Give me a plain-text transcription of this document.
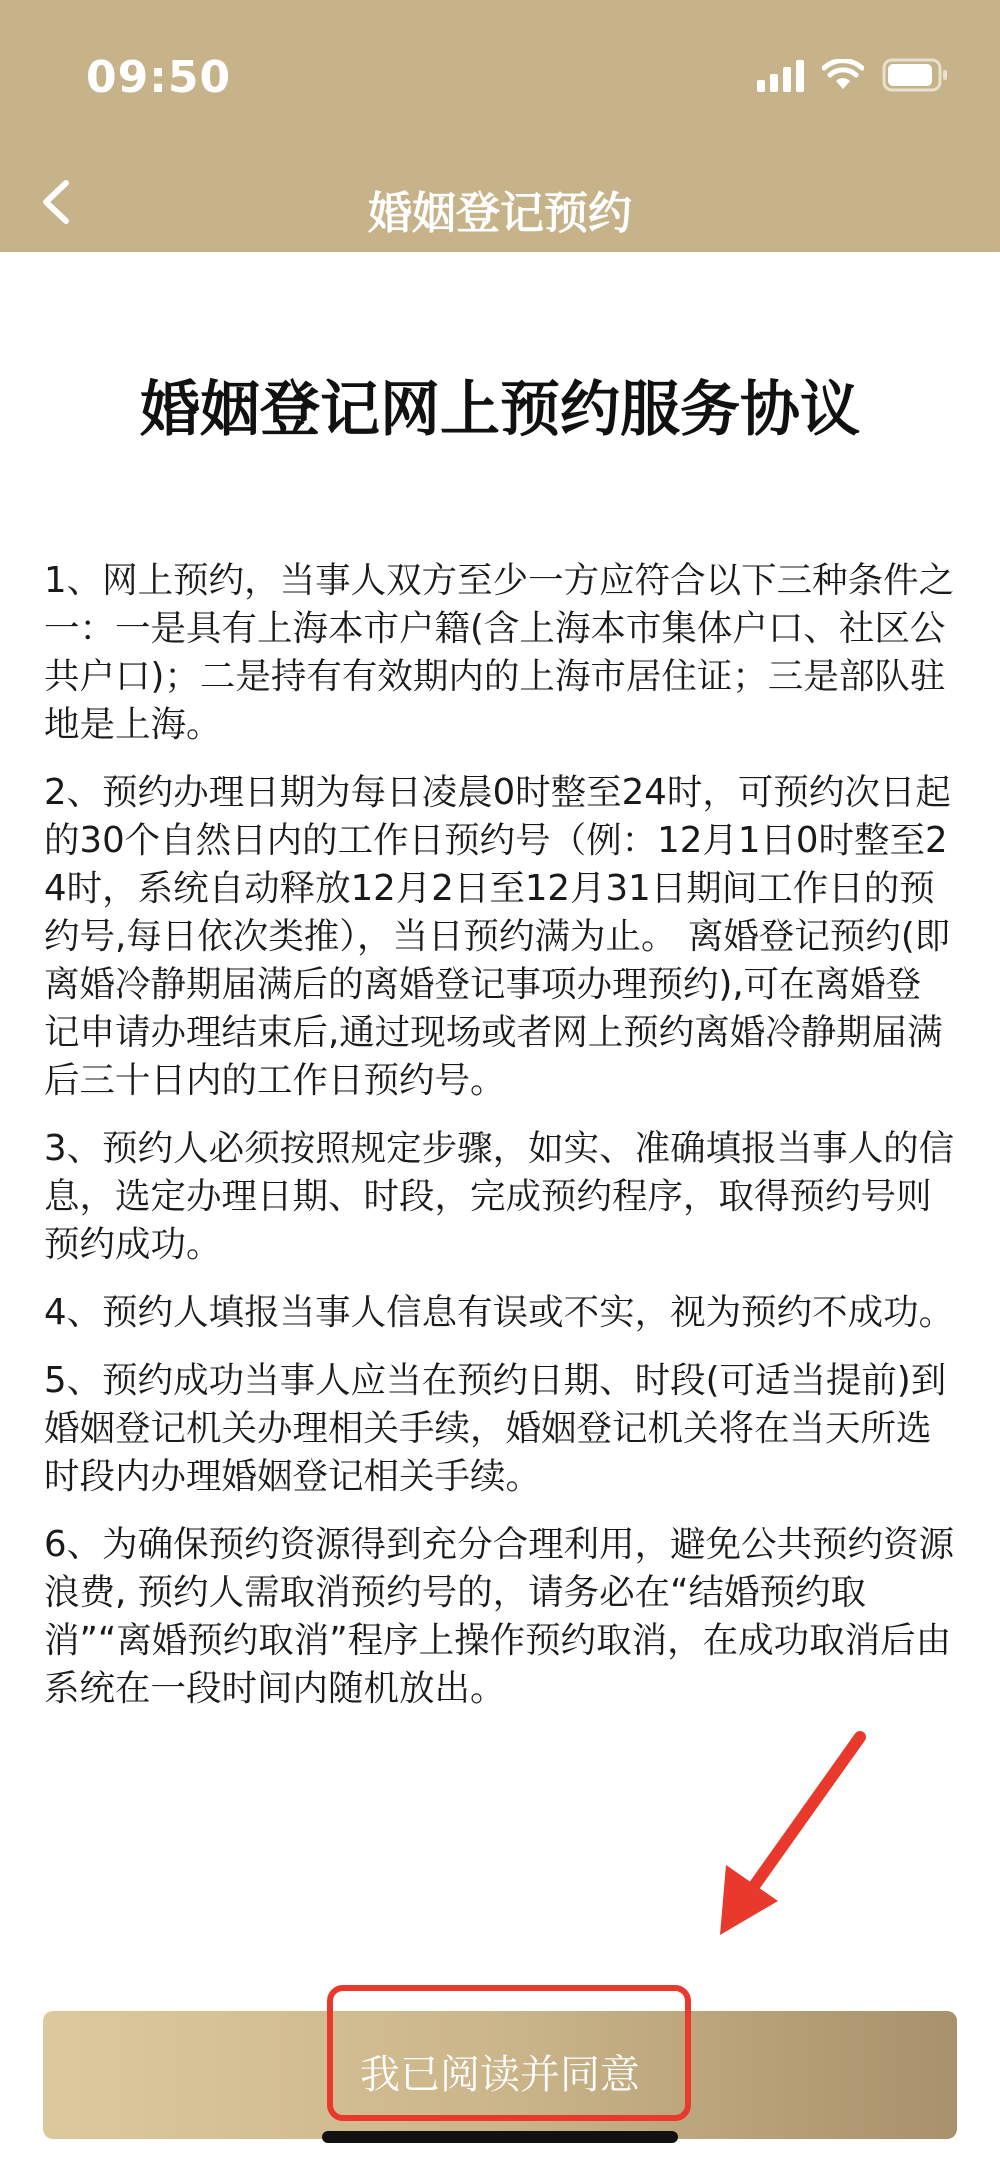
09:50
婚姻登记预约
婚姻登记网上预约服务协议
1、网上预约，当事人双方至少一方应符合以下三种条件之一：一是具有上海本市户籍(含上海本市集体户口、社区公共户口)；二是持有有效期内的上海市居住证；三是部队驻地是上海。
2、预约办理日期为每日凌晨0时整至24时，可预约次日起的30个自然日内的工作日预约号（例：12月1日0时整至24时，系统自动释放12月2日至12月31日期间工作日的预约号,每日依次类推），当日预约满为止。 离婚登记预约(即离婚冷静期届满后的离婚登记事项办理预约),可在离婚登记申请办理结束后,通过现场或者网上预约离婚冷静期届满后三十日内的工作日预约号。
3、预约人必须按照规定步骤，如实、准确填报当事人的信息，选定办理日期、时段，完成预约程序，取得预约号则预约成功。
4、预约人填报当事人信息有误或不实，视为预约不成功。
5、预约成功当事人应当在预约日期、时段(可适当提前)到婚姻登记机关办理相关手续，婚姻登记机关将在当天所选时段内办理婚姻登记相关手续。
6、为确保预约资源得到充分合理利用，避免公共预约资源浪费, 预约人需取消预约号的，请务必在“结婚预约取消”“离婚预约取消”程序上操作预约取消，在成功取消后由系统在一段时间内随机放出。
我已阅读并同意
